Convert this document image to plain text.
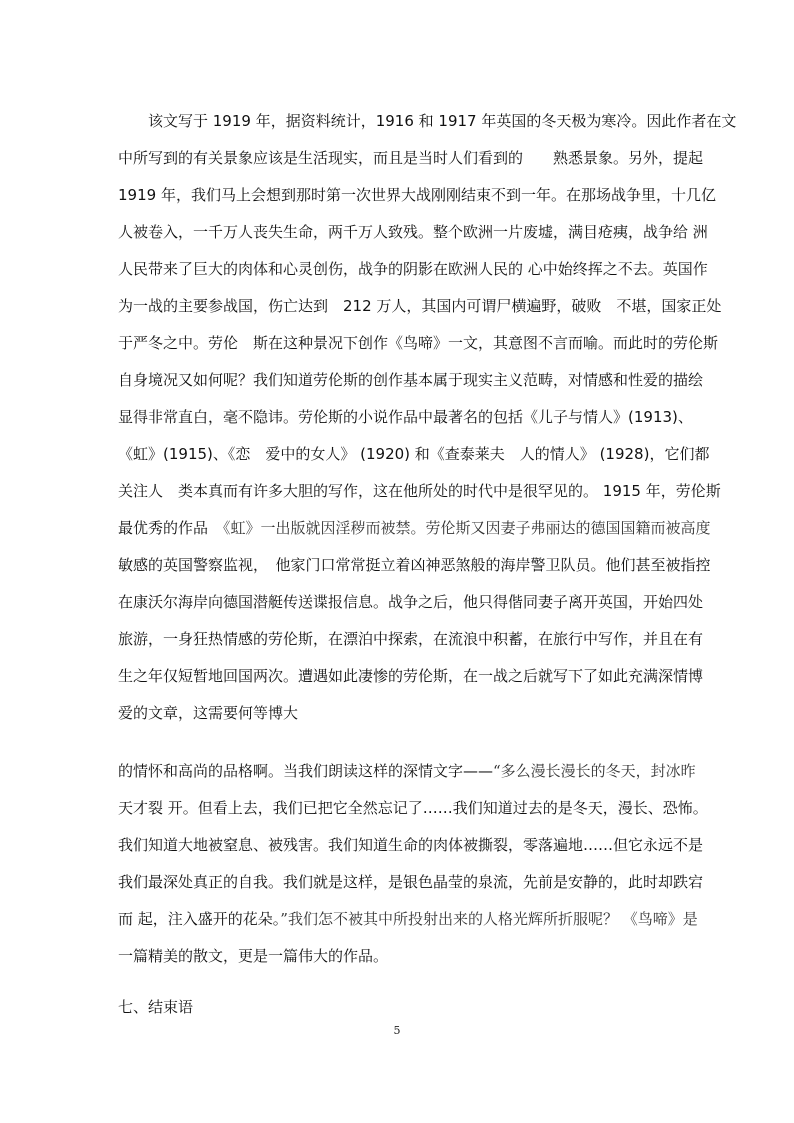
　　该文写于 1919 年，据资料统计，1916 和 1917 年英国的冬天极为寒冷。因此作者在文
中所写到的有关景象应该是生活现实，而且是当时人们看到的　　熟悉景象。另外，提起
1919 年，我们马上会想到那时第一次世界大战刚刚结束不到一年。在那场战争里，十几亿
人被卷入，一千万人丧失生命，两千万人致残。整个欧洲一片废墟，满目疮痍，战争给 洲
人民带来了巨大的肉体和心灵创伤，战争的阴影在欧洲人民的 心中始终挥之不去。英国作
为一战的主要参战国，伤亡达到　212 万人，其国内可谓尸横遍野，破败　不堪，国家正处
于严冬之中。劳伦　斯在这种景况下创作《鸟啼》一文，其意图不言而喻。而此时的劳伦斯
自身境况又如何呢？我们知道劳伦斯的创作基本属于现实主义范畴，对情感和性爱的描绘
显得非常直白，毫不隐讳。劳伦斯的小说作品中最著名的包括《儿子与情人》(1913)、
《虹》(1915)、《恋　爱中的女人》 (1920) 和《查泰莱夫　人的情人》 (1928)，它们都
关注人　类本真而有许多大胆的写作，这在他所处的时代中是很罕见的。 1915 年，劳伦斯
最优秀的作品　《虹》一出版就因淫秽而被禁。劳伦斯又因妻子弗丽达的德国国籍而被高度
敏感的英国警察监视，　他家门口常常挺立着凶神恶煞般的海岸警卫队员。他们甚至被指控
在康沃尔海岸向德国潜艇传送谍报信息。战争之后，他只得偕同妻子离开英国，开始四处
旅游，一身狂热情感的劳伦斯，在漂泊中探索，在流浪中积蓄，在旅行中写作，并且在有
生之年仅短暂地回国两次。遭遇如此凄惨的劳伦斯，在一战之后就写下了如此充满深情博
爱的文章，这需要何等博大
的情怀和高尚的品格啊。当我们朗读这样的深情文字——“多么漫长漫长的冬天，封冰昨
天才裂 开。但看上去，我们已把它全然忘记了……我们知道过去的是冬天，漫长、恐怖。
我们知道大地被窒息、被残害。我们知道生命的肉体被撕裂，零落遍地……但它永远不是
我们最深处真正的自我。我们就是这样，是银色晶莹的泉流，先前是安静的，此时却跌宕
而 起，注入盛开的花朵。”我们怎不被其中所投射出来的人格光辉所折服呢？ 《鸟啼》是
一篇精美的散文，更是一篇伟大的作品。
七、结束语
5
